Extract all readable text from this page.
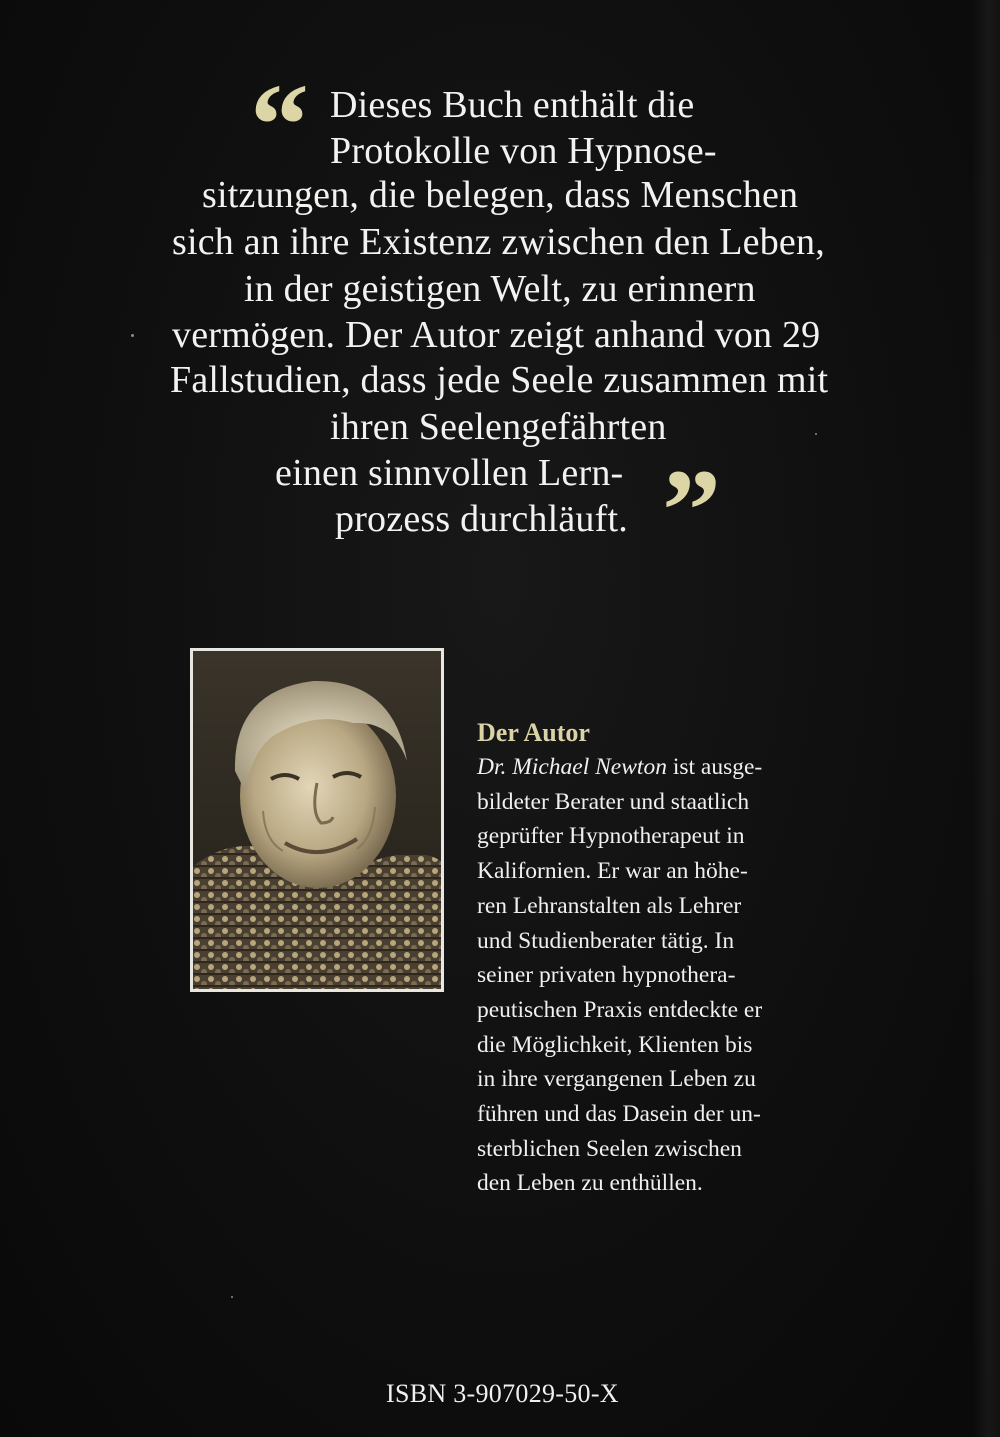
“ Dieses Buch enthält die
Protokolle von Hypnose-
sitzungen, die belegen, dass Menschen
sich an ihre Existenz zwischen den Leben,
in der geistigen Welt, zu erinnern
vermögen. Der Autor zeigt anhand von 29
Fallstudien, dass jede Seele zusammen mit
ihren Seelengefährten
einen sinnvollen Lern-
prozess durchläuft. ”
Der Autor
Dr. Michael Newton ist ausge-
bildeter Berater und staatlich
geprüfter Hypnotherapeut in
Kalifornien. Er war an höhe-
ren Lehranstalten als Lehrer
und Studienberater tätig. In
seiner privaten hypnothera-
peutischen Praxis entdeckte er
die Möglichkeit, Klienten bis
in ihre vergangenen Leben zu
führen und das Dasein der un-
sterblichen Seelen zwischen
den Leben zu enthüllen.
ISBN 3-907029-50-X
